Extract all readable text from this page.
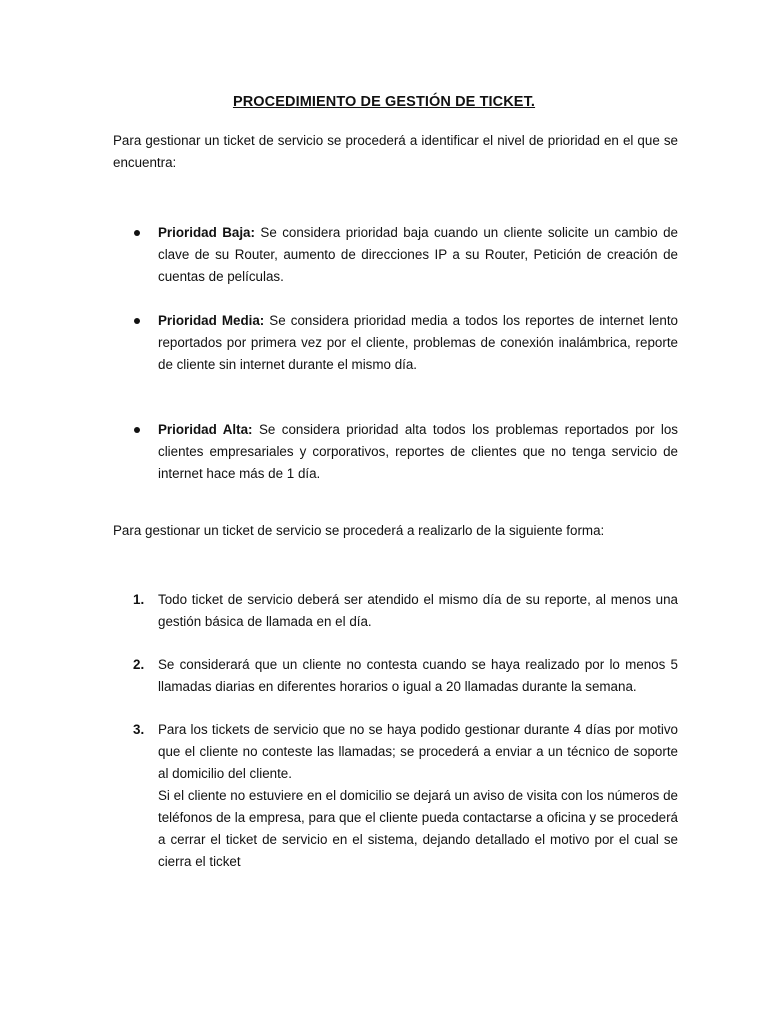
PROCEDIMIENTO DE GESTIÓN DE TICKET.
Para gestionar un ticket de servicio se procederá a identificar el nivel de prioridad en el que se encuentra:
Prioridad Baja: Se considera prioridad baja cuando un cliente solicite un cambio de clave de su Router, aumento de direcciones IP a su Router, Petición de creación de cuentas de películas.
Prioridad Media: Se considera prioridad media a todos los reportes de internet lento reportados por primera vez por el cliente, problemas de conexión inalámbrica, reporte de cliente sin internet durante el mismo día.
Prioridad Alta: Se considera prioridad alta todos los problemas reportados por los clientes empresariales y corporativos, reportes de clientes que no tenga servicio de internet hace más de 1 día.
Para gestionar un ticket de servicio se procederá a realizarlo de la siguiente forma:
1. Todo ticket de servicio deberá ser atendido el mismo día de su reporte, al menos una gestión básica de llamada en el día.
2. Se considerará que un cliente no contesta cuando se haya realizado por lo menos 5 llamadas diarias en diferentes horarios o igual a 20 llamadas durante la semana.
3. Para los tickets de servicio que no se haya podido gestionar durante 4 días por motivo que el cliente no conteste las llamadas; se procederá a enviar a un técnico de soporte al domicilio del cliente.
Si el cliente no estuviere en el domicilio se dejará un aviso de visita con los números de teléfonos de la empresa, para que el cliente pueda contactarse a oficina y se procederá a cerrar el ticket de servicio en el sistema, dejando detallado el motivo por el cual se cierra el ticket
